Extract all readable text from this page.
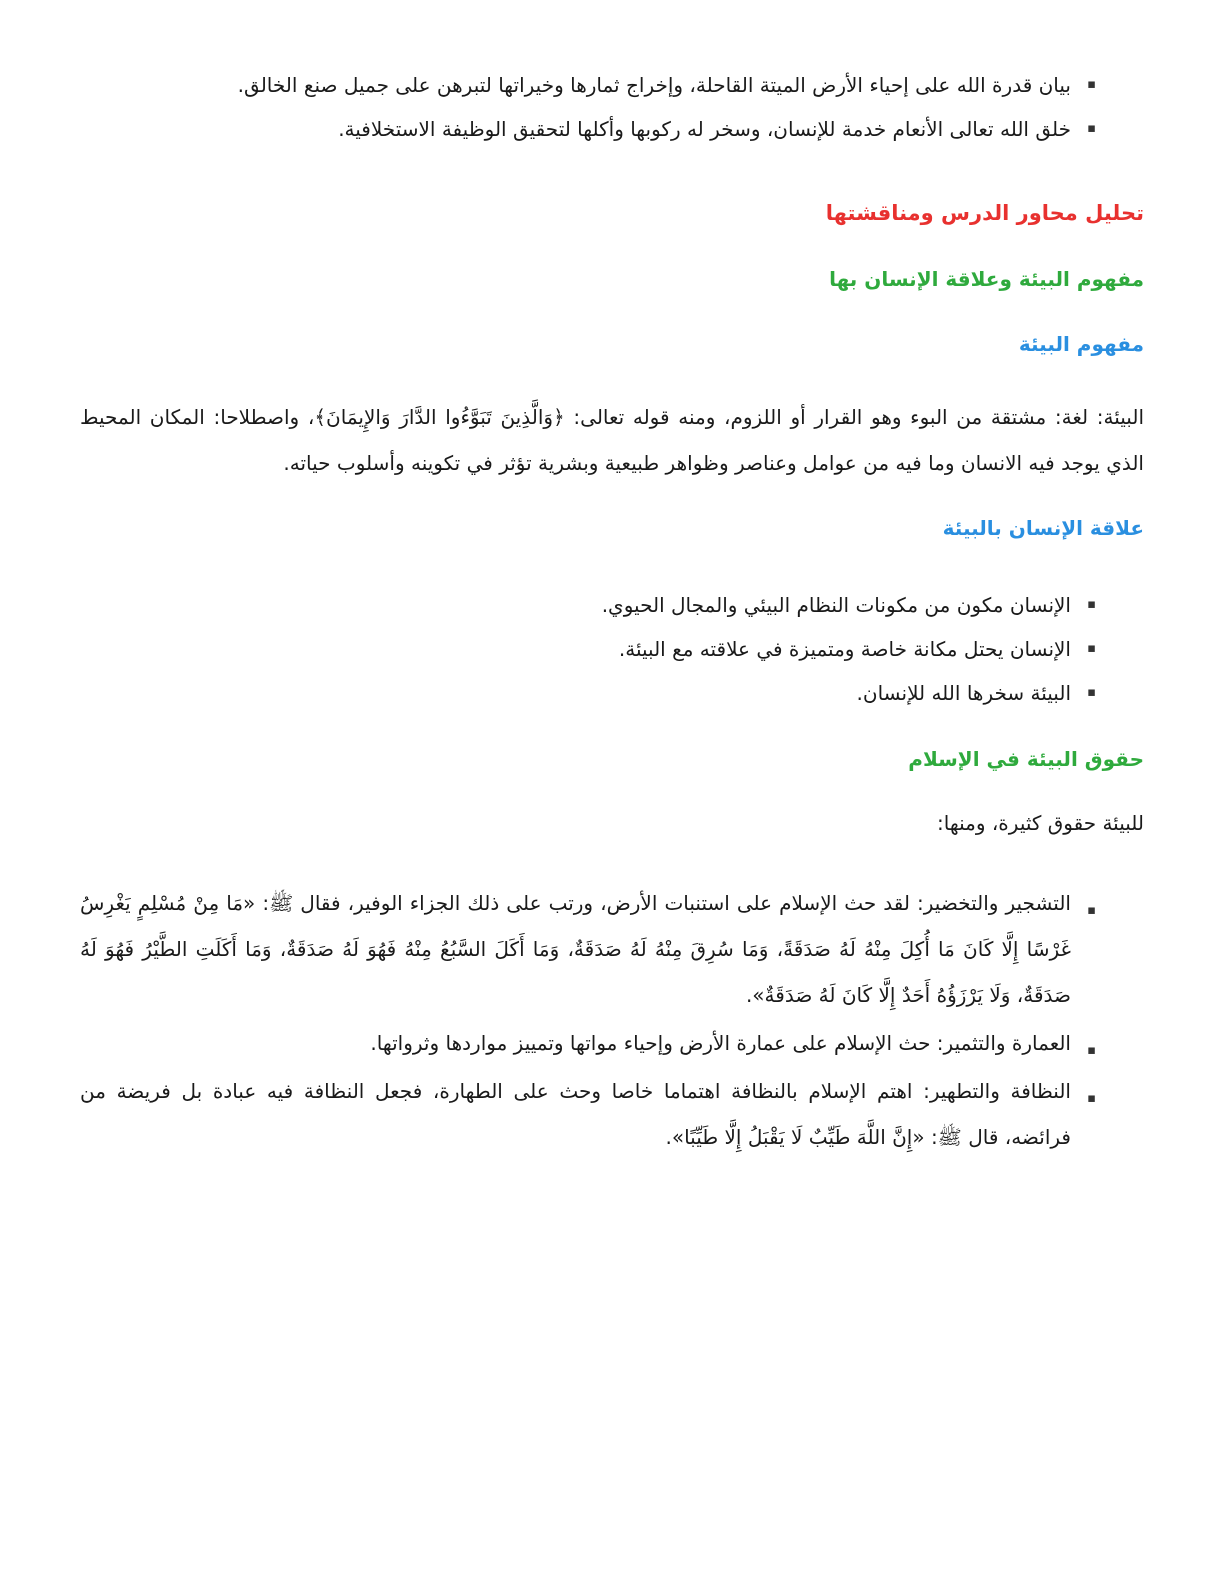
▪
بيان قدرة الله على إحياء الأرض الميتة القاحلة، وإخراج ثمارها وخيراتها لتبرهن على جميل صنع الخالق.
▪
خلق الله تعالى الأنعام خدمة للإنسان، وسخر له ركوبها وأكلها لتحقيق الوظيفة الاستخلافية.
تحليل محاور الدرس ومناقشتها
مفهوم البيئة وعلاقة الإنسان بها
مفهوم البيئة

البيئة: لغة: مشتقة من البوء وهو القرار أو اللزوم، ومنه قوله تعالى: ﴿وَالَّذِينَ تَبَوَّءُوا الدَّارَ وَالإِيمَانَ﴾، واصطلاحا: المكان المحيط الذي يوجد فيه الانسان وما فيه من عوامل وعناصر وظواهر طبيعية وبشرية تؤثر في تكوينه وأسلوب حياته.

علاقة الإنسان بالبيئة
▪
الإنسان مكون من مكونات النظام البيئي والمجال الحيوي.
▪
الإنسان يحتل مكانة خاصة ومتميزة في علاقته مع البيئة.
▪
البيئة سخرها الله للإنسان.
حقوق البيئة في الإسلام

للبيئة حقوق كثيرة، ومنها:

▪
التشجير والتخضير: لقد حث الإسلام على استنبات الأرض، ورتب على ذلك الجزاء الوفير، فقال ﷺ: «مَا مِنْ مُسْلِمٍ يَغْرِسُ غَرْسًا إِلَّا كَانَ مَا أُكِلَ مِنْهُ لَهُ صَدَقَةً، وَمَا سُرِقَ مِنْهُ لَهُ صَدَقَةٌ، وَمَا أَكَلَ السَّبُعُ مِنْهُ فَهُوَ لَهُ صَدَقَةٌ، وَمَا أَكَلَتِ الطَّيْرُ فَهُوَ لَهُ صَدَقَةٌ، وَلَا يَرْزَؤُهُ أَحَدٌ إِلَّا كَانَ لَهُ صَدَقَةٌ».
▪
العمارة والتثمير: حث الإسلام على عمارة الأرض وإحياء مواتها وتمييز مواردها وثرواتها.
▪
النظافة والتطهير: اهتم الإسلام بالنظافة اهتماما خاصا وحث على الطهارة، فجعل النظافة فيه عبادة بل فريضة من فرائضه، قال ﷺ: «إِنَّ اللَّهَ طَيِّبٌ لَا يَقْبَلُ إِلَّا طَيِّبًا».
